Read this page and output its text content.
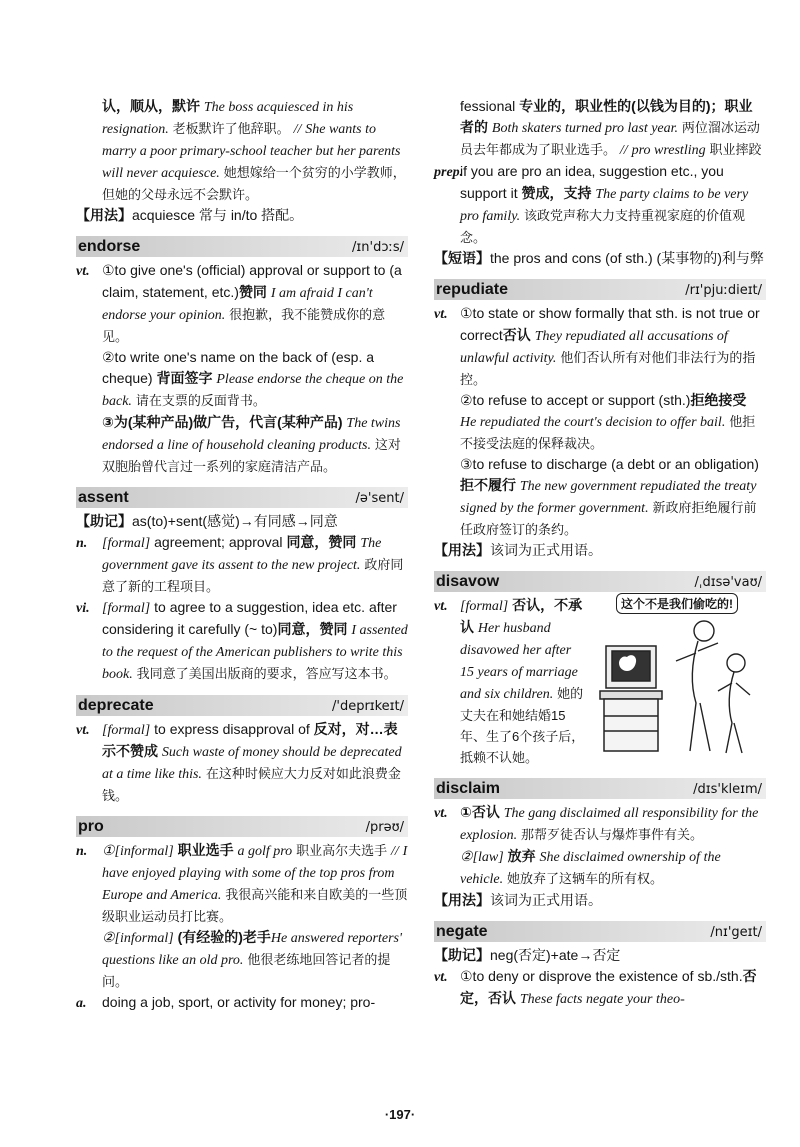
认，顺从，默许 The boss acquiesced in his resignation. 老板默许了他辞职。 // She wants to marry a poor primary-school teacher but her parents will never acquiesce. 她想嫁给一个贫穷的小学教师，但她的父母永远不会默许。

【用法】acquiesce 常与 in/to 搭配。

endorse	/ɪn'dɔːs/

vt. ①to give one's (official) approval or support to (a claim, statement, etc.)赞同 I am afraid I can't endorse your opinion. 很抱歉，我不能赞成你的意见。

②to write one's name on the back of (esp. a cheque) 背面签字 Please endorse the cheque on the back. 请在支票的反面背书。

③为(某种产品)做广告，代言(某种产品) The twins endorsed a line of household cleaning products. 这对双胞胎曾代言过一系列的家庭清洁产品。

assent	/ə'sent/

【助记】as(to)+sent(感觉)→有同感→同意

n. [formal] agreement; approval 同意，赞同 The government gave its assent to the new project. 政府同意了新的工程项目。

vi. [formal] to agree to a suggestion, idea etc. after considering it carefully (~ to)同意，赞同 I assented to the request of the American publishers to write this book. 我同意了美国出版商的要求，答应写这本书。

deprecate	/'deprɪkeɪt/

vt. [formal] to express disapproval of 反对，对…表示不赞成 Such waste of money should be deprecated at a time like this. 在这种时候应大力反对如此浪费金钱。

pro	/prəʊ/

n. ①[informal] 职业选手 a golf pro 职业高尔夫选手 // I have enjoyed playing with some of the top pros from Europe and America. 我很高兴能和来自欧美的一些顶级职业运动员打比赛。

②[informal] (有经验的)老手He answered reporters' questions like an old pro. 他很老练地回答记者的提问。

a. doing a job, sport, or activity for money; pro-

fessional 专业的，职业性的(以钱为目的)；职业者的 Both skaters turned pro last year. 两位溜冰运动员去年都成为了职业选手。 // pro wrestling 职业摔跤

prep.if you are pro an idea, suggestion etc., you support it 赞成，支持 The party claims to be very pro family. 该政党声称大力支持重视家庭的价值观念。

【短语】the pros and cons (of sth.) (某事物的)利与弊

repudiate	/rɪ'pjuːdieɪt/

vt. ①to state or show formally that sth. is not true or correct否认 They repudiated all accusations of unlawful activity. 他们否认所有对他们非法行为的指控。

②to refuse to accept or support (sth.)拒绝接受 He repudiated the court's decision to offer bail. 他拒不接受法庭的保释裁决。

③to refuse to discharge (a debt or an obligation) 拒不履行 The new government repudiated the treaty signed by the former government. 新政府拒绝履行前任政府签订的条约。

【用法】该词为正式用语。

disavow	/ˌdɪsə'vaʊ/

vt. [formal] 否认，不承认 Her husband disavowed her after 15 years of marriage and six children. 她的丈夫在和她结婚15年、生了6个孩子后，抵赖不认她。

这个不是我们偷吃的!
disclaim	/dɪs'kleɪm/

vt. ①否认 The gang disclaimed all responsibility for the explosion. 那帮歹徒否认与爆炸事件有关。

②[law] 放弃 She disclaimed ownership of the vehicle. 她放弃了这辆车的所有权。

【用法】该词为正式用语。

negate	/nɪ'geɪt/

【助记】neg(否定)+ate→否定

vt. ①to deny or disprove the existence of sb./sth.否定，否认 These facts negate your theo-

·197·
